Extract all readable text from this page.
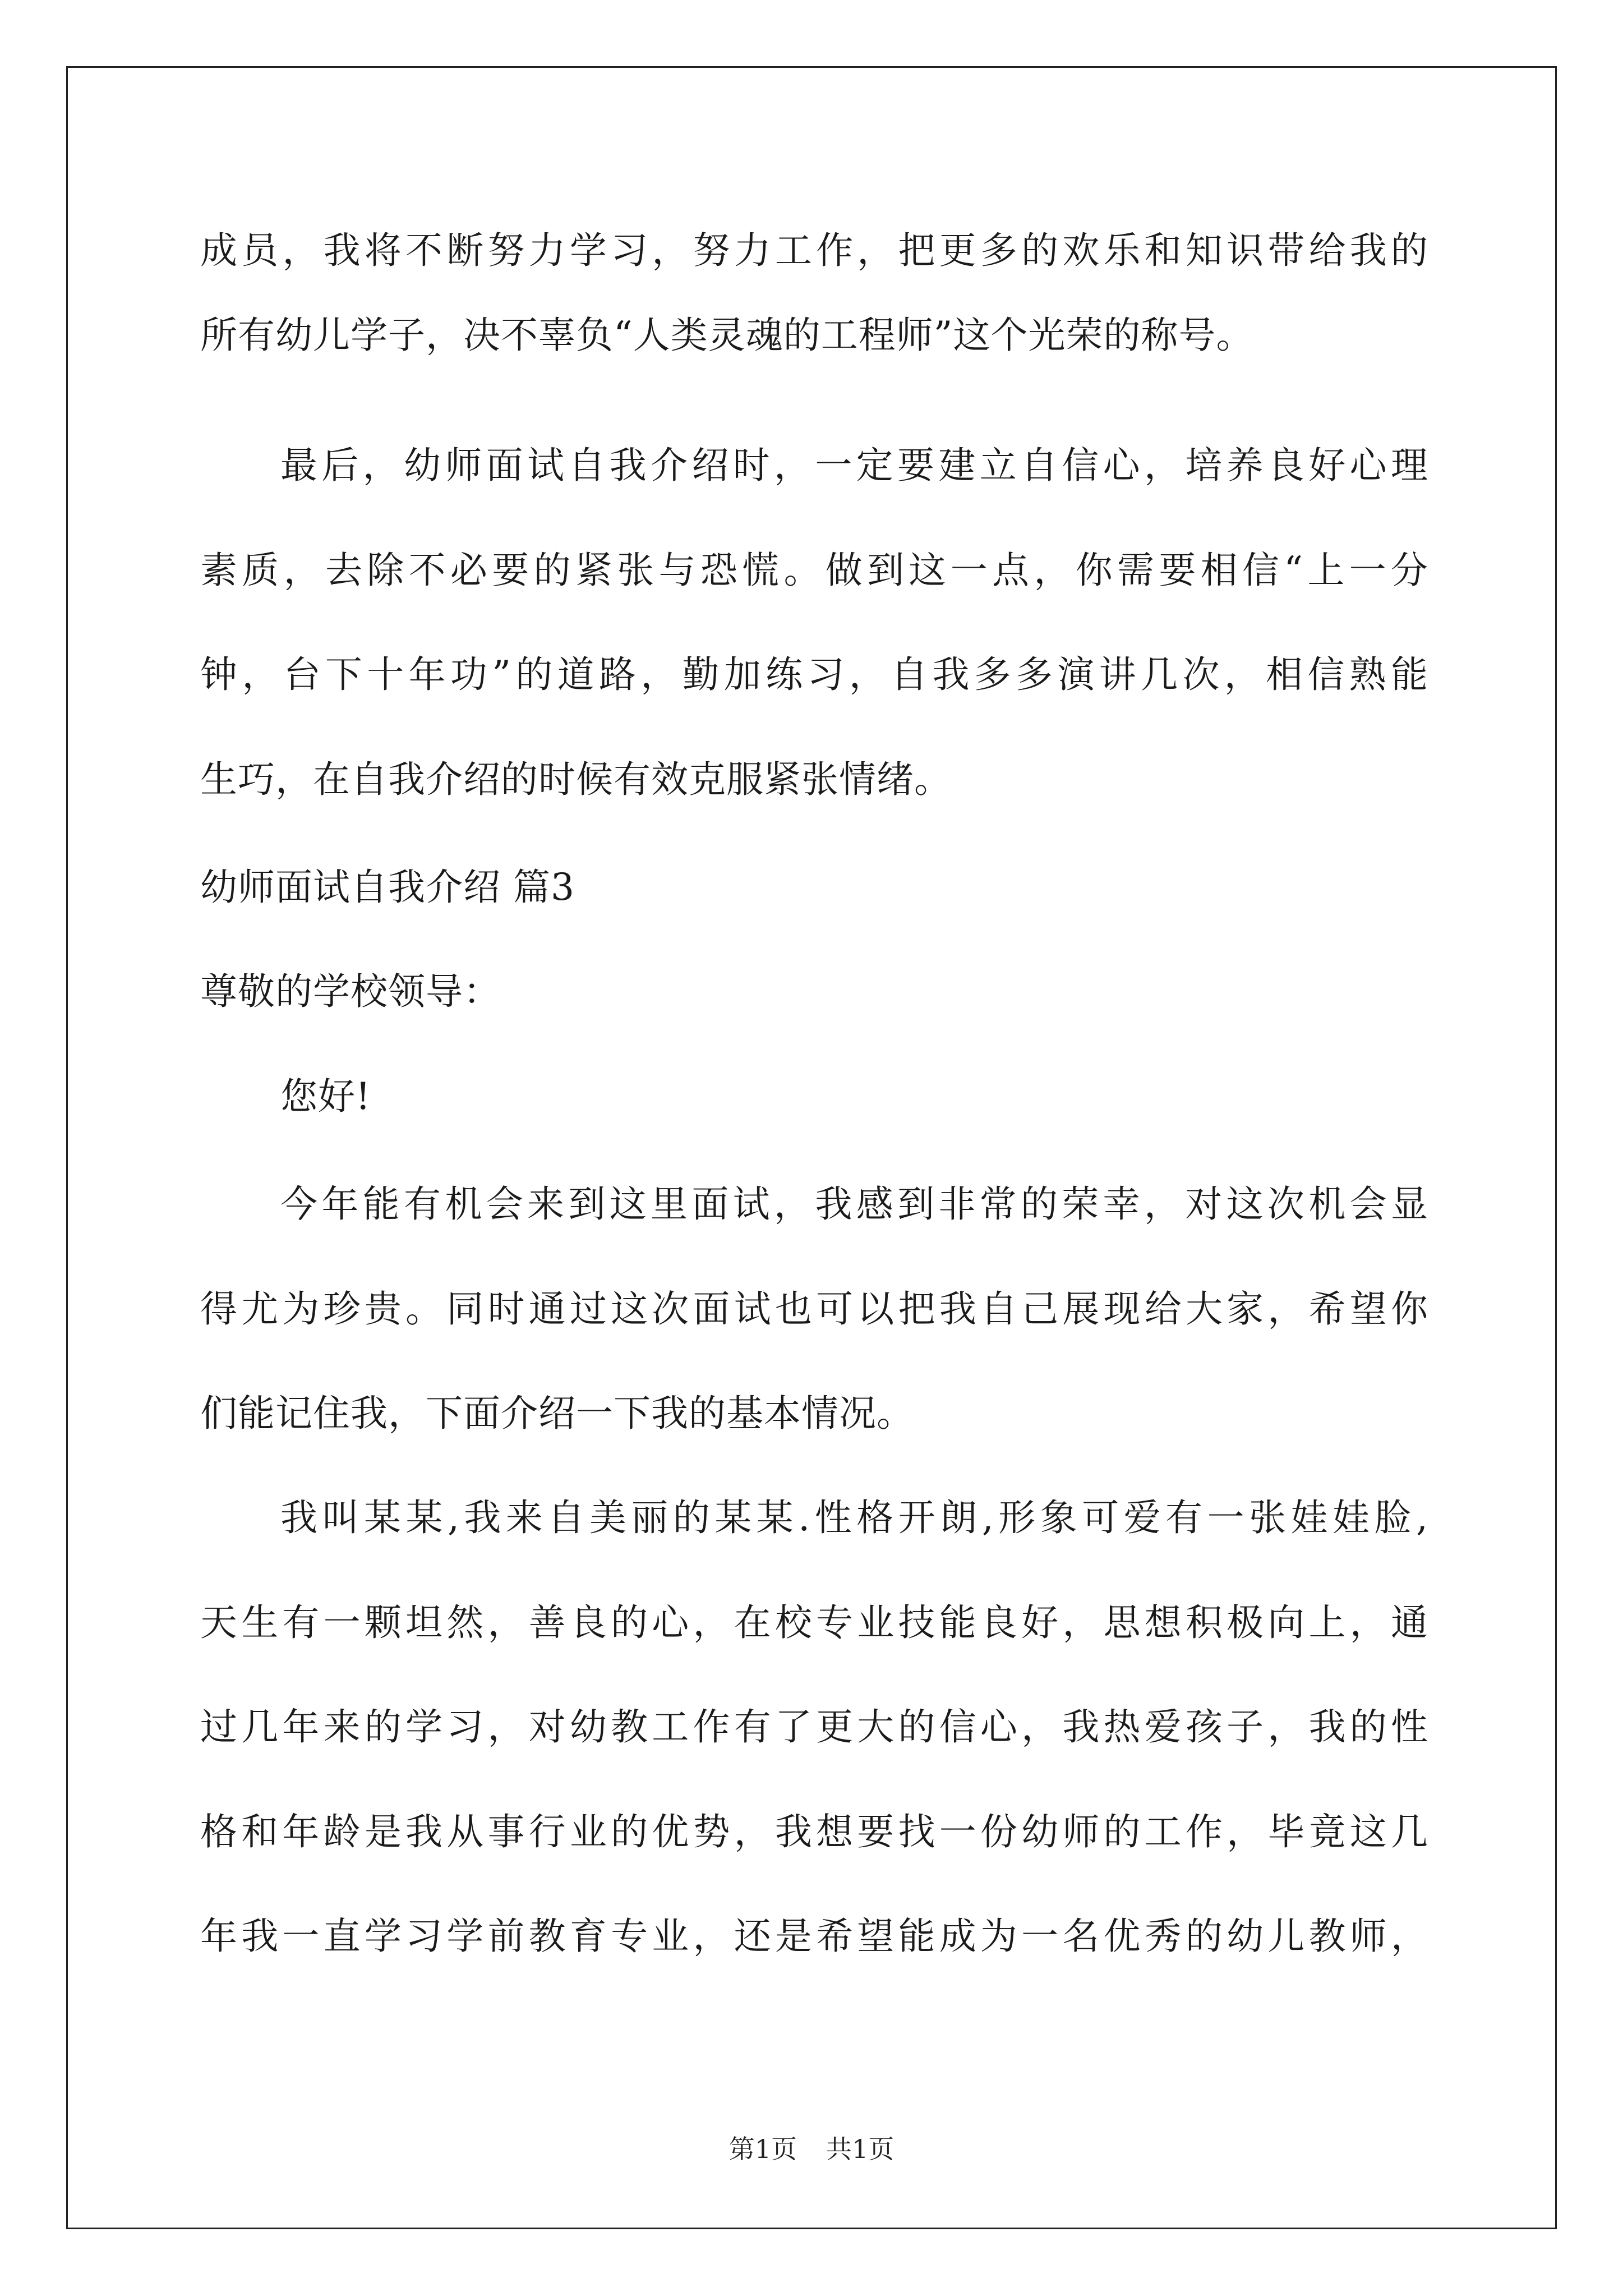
成员，我将不断努力学习，努力工作，把更多的欢乐和知识带给我的
所有幼儿学子，决不辜负“人类灵魂的工程师”这个光荣的称号。
最后，幼师面试自我介绍时，一定要建立自信心，培养良好心理
素质，去除不必要的紧张与恐慌。做到这一点，你需要相信“上一分
钟，台下十年功”的道路，勤加练习，自我多多演讲几次，相信熟能
生巧，在自我介绍的时候有效克服紧张情绪。
幼师面试自我介绍 篇3
尊敬的学校领导：
您好!
今年能有机会来到这里面试，我感到非常的荣幸，对这次机会显
得尤为珍贵。同时通过这次面试也可以把我自己展现给大家，希望你
们能记住我，下面介绍一下我的基本情况。
我叫某某,我来自美丽的某某.性格开朗,形象可爱有一张娃娃脸,
天生有一颗坦然，善良的心，在校专业技能良好，思想积极向上，通
过几年来的学习，对幼教工作有了更大的信心，我热爱孩子，我的性
格和年龄是我从事行业的优势，我想要找一份幼师的工作，毕竟这几
年我一直学习学前教育专业，还是希望能成为一名优秀的幼儿教师，
第1页 共1页
